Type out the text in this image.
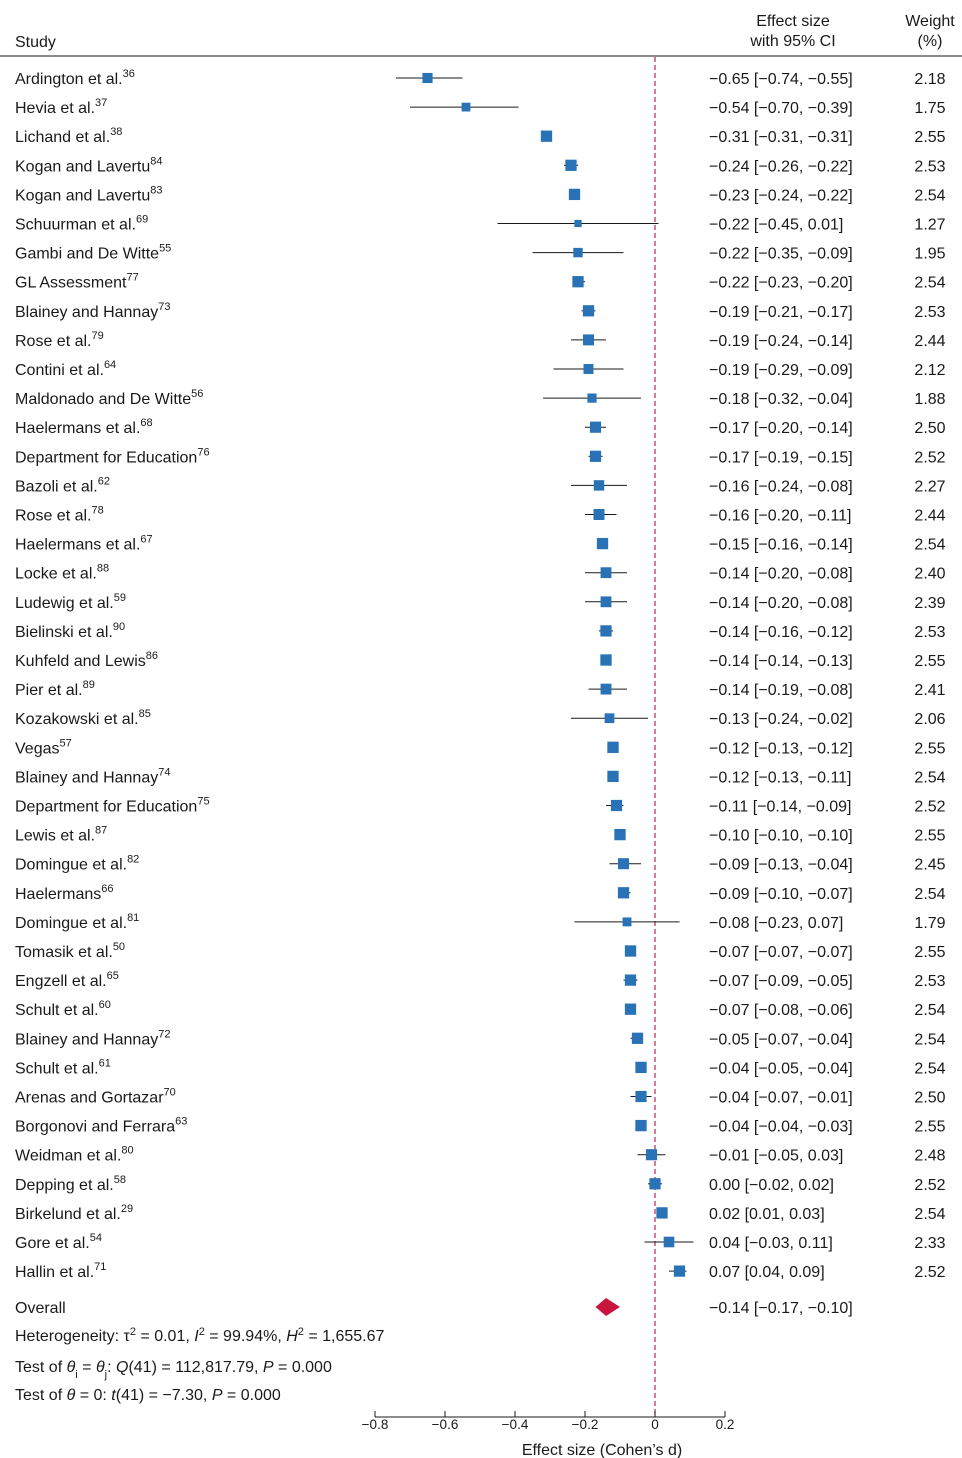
Study
Effect size
with 95% CI
Weight
(%)
Ardington et al.$^{36}$	−0.65 [−0.74, −0.55]	2.18
Hevia et al.$^{37}$	−0.54 [−0.70, −0.39]	1.75
Lichand et al.$^{38}$	−0.31 [−0.31, −0.31]	2.55
Kogan and Lavertu$^{84}$	−0.24 [−0.26, −0.22]	2.53
Kogan and Lavertu$^{83}$	−0.23 [−0.24, −0.22]	2.54
Schuurman et al.$^{69}$	−0.22 [−0.45, 0.01]	1.27
Gambi and De Witte$^{55}$	−0.22 [−0.35, −0.09]	1.95
GL Assessment$^{77}$	−0.22 [−0.23, −0.20]	2.54
Blainey and Hannay$^{73}$	−0.19 [−0.21, −0.17]	2.53
Rose et al.$^{79}$	−0.19 [−0.24, −0.14]	2.44
Contini et al.$^{64}$	−0.19 [−0.29, −0.09]	2.12
Maldonado and De Witte$^{56}$	−0.18 [−0.32, −0.04]	1.88
Haelermans et al.$^{68}$	−0.17 [−0.20, −0.14]	2.50
Department for Education$^{76}$	−0.17 [−0.19, −0.15]	2.52
Bazoli et al.$^{62}$	−0.16 [−0.24, −0.08]	2.27
Rose et al.$^{78}$	−0.16 [−0.20, −0.11]	2.44
Haelermans et al.$^{67}$	−0.15 [−0.16, −0.14]	2.54
Locke et al.$^{88}$	−0.14 [−0.20, −0.08]	2.40
Ludewig et al.$^{59}$	−0.14 [−0.20, −0.08]	2.39
Bielinski et al.$^{90}$	−0.14 [−0.16, −0.12]	2.53
Kuhfeld and Lewis$^{86}$	−0.14 [−0.14, −0.13]	2.55
Pier et al.$^{89}$	−0.14 [−0.19, −0.08]	2.41
Kozakowski et al.$^{85}$	−0.13 [−0.24, −0.02]	2.06
Vegas$^{57}$	−0.12 [−0.13, −0.12]	2.55
Blainey and Hannay$^{74}$	−0.12 [−0.13, −0.11]	2.54
Department for Education$^{75}$	−0.11 [−0.14, −0.09]	2.52
Lewis et al.$^{87}$	−0.10 [−0.10, −0.10]	2.55
Domingue et al.$^{82}$	−0.09 [−0.13, −0.04]	2.45
Haelermans$^{66}$	−0.09 [−0.10, −0.07]	2.54
Domingue et al.$^{81}$	−0.08 [−0.23, 0.07]	1.79
Tomasik et al.$^{50}$	−0.07 [−0.07, −0.07]	2.55
Engzell et al.$^{65}$	−0.07 [−0.09, −0.05]	2.53
Schult et al.$^{60}$	−0.07 [−0.08, −0.06]	2.54
Blainey and Hannay$^{72}$	−0.05 [−0.07, −0.04]	2.54
Schult et al.$^{61}$	−0.04 [−0.05, −0.04]	2.54
Arenas and Gortazar$^{70}$	−0.04 [−0.07, −0.01]	2.50
Borgonovi and Ferrara$^{63}$	−0.04 [−0.04, −0.03]	2.55
Weidman et al.$^{80}$	−0.01 [−0.05, 0.03]	2.48
Depping et al.$^{58}$	0.00 [−0.02, 0.02]	2.52
Birkelund et al.$^{29}$	0.02 [0.01, 0.03]	2.54
Gore et al.$^{54}$	0.04 [−0.03, 0.11]	2.33
Hallin et al.$^{71}$	0.07 [0.04, 0.09]	2.52
Overall	−0.14 [−0.17, −0.10]
Heterogeneity: $\tau^2 = 0.01$, $I^2 = 99.94\%$, $H^2 = 1,655.67$
Test of $\theta_i = \theta_j$: Q(41) = 112,817.79, P = 0.000
Test of θ = 0: t(41) = −7.30, P = 0.000
−0.8	−0.6	−0.4	−0.2	0	0.2
Effect size (Cohen’s d)
